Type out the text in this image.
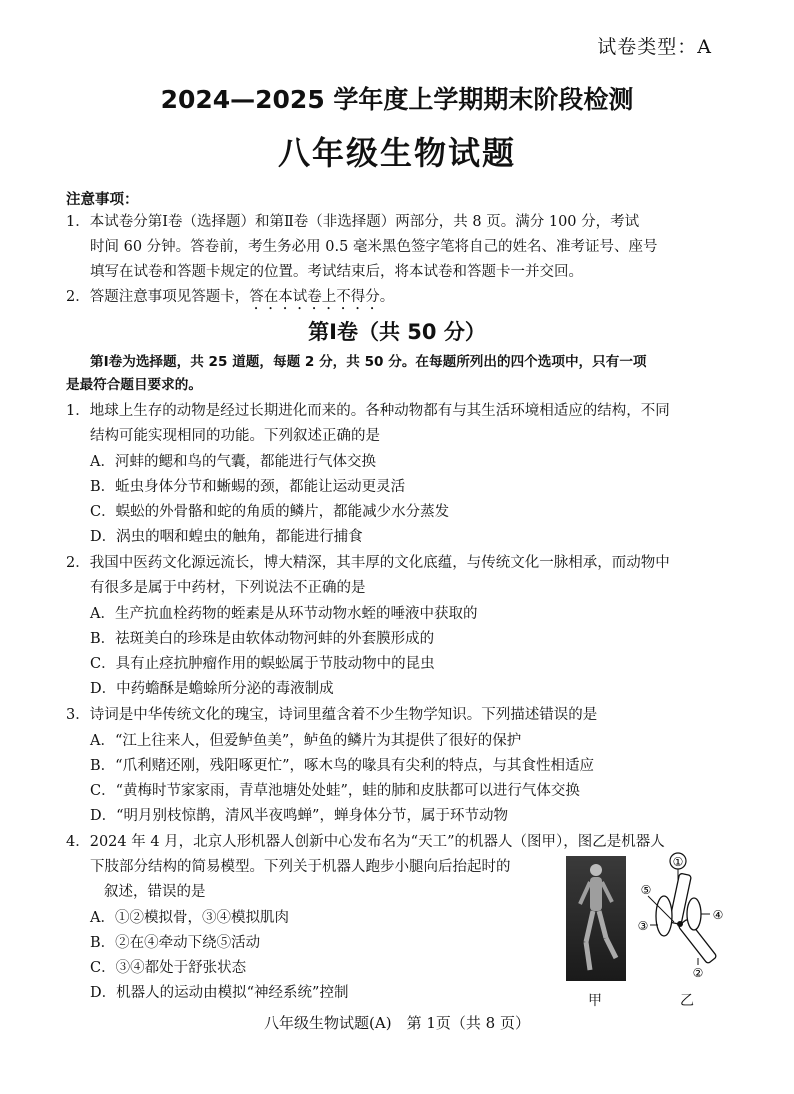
试卷类型：A
2024—2025 学年度上学期期末阶段检测
八年级生物试题
注意事项：
1．本试卷分第Ⅰ卷（选择题）和第Ⅱ卷（非选择题）两部分，共 8 页。满分 100 分，考试
时间 60 分钟。答卷前，考生务必用 0.5 毫米黑色签字笔将自己的姓名、准考证号、座号
填写在试卷和答题卡规定的位置。考试结束后，将本试卷和答题卡一并交回。
2．答题注意事项见答题卡，答在本试卷上不得分。
第Ⅰ卷（共 50 分）
第Ⅰ卷为选择题，共 25 道题，每题 2 分，共 50 分。在每题所列出的四个选项中，只有一项
是最符合题目要求的。
1．地球上生存的动物是经过长期进化而来的。各种动物都有与其生活环境相适应的结构，不同
结构可能实现相同的功能。下列叙述正确的是
A．河蚌的鳃和鸟的气囊，都能进行气体交换
B．蚯虫身体分节和蜥蜴的颈，都能让运动更灵活
C．蜈蚣的外骨骼和蛇的角质的鳞片，都能减少水分蒸发
D．涡虫的咽和蝗虫的触角，都能进行捕食
2．我国中医药文化源远流长，博大精深，其丰厚的文化底蕴，与传统文化一脉相承，而动物中
有很多是属于中药材，下列说法不正确的是
A．生产抗血栓药物的蛭素是从环节动物水蛭的唾液中获取的
B．祛斑美白的珍珠是由软体动物河蚌的外套膜形成的
C．具有止痉抗肿瘤作用的蜈蚣属于节肢动物中的昆虫
D．中药蟾酥是蟾蜍所分泌的毒液制成
3．诗词是中华传统文化的瑰宝，诗词里蕴含着不少生物学知识。下列描述错误的是
A．“江上往来人，但爱鲈鱼美”，鲈鱼的鳞片为其提供了很好的保护
B．“爪利赌还刚，残阳啄更忙”，啄木鸟的喙具有尖利的特点，与其食性相适应
C．“黄梅时节家家雨，青草池塘处处蛙”，蛙的肺和皮肤都可以进行气体交换
D．“明月别枝惊鹊，清风半夜鸣蝉”，蝉身体分节，属于环节动物
4．2024 年 4 月，北京人形机器人创新中心发布名为“天工”的机器人（图甲），图乙是机器人
下肢部分结构的简易模型。下列关于机器人跑步小腿向后抬起时的
叙述，错误的是
A．①②模拟骨，③④模拟肌肉
B．②在④牵动下绕⑤活动
C．③④都处于舒张状态
D．机器人的运动由模拟“神经系统”控制	甲
①
⑤
③
④
②
乙
八年级生物试题(A)　第 1页（共 8 页）
